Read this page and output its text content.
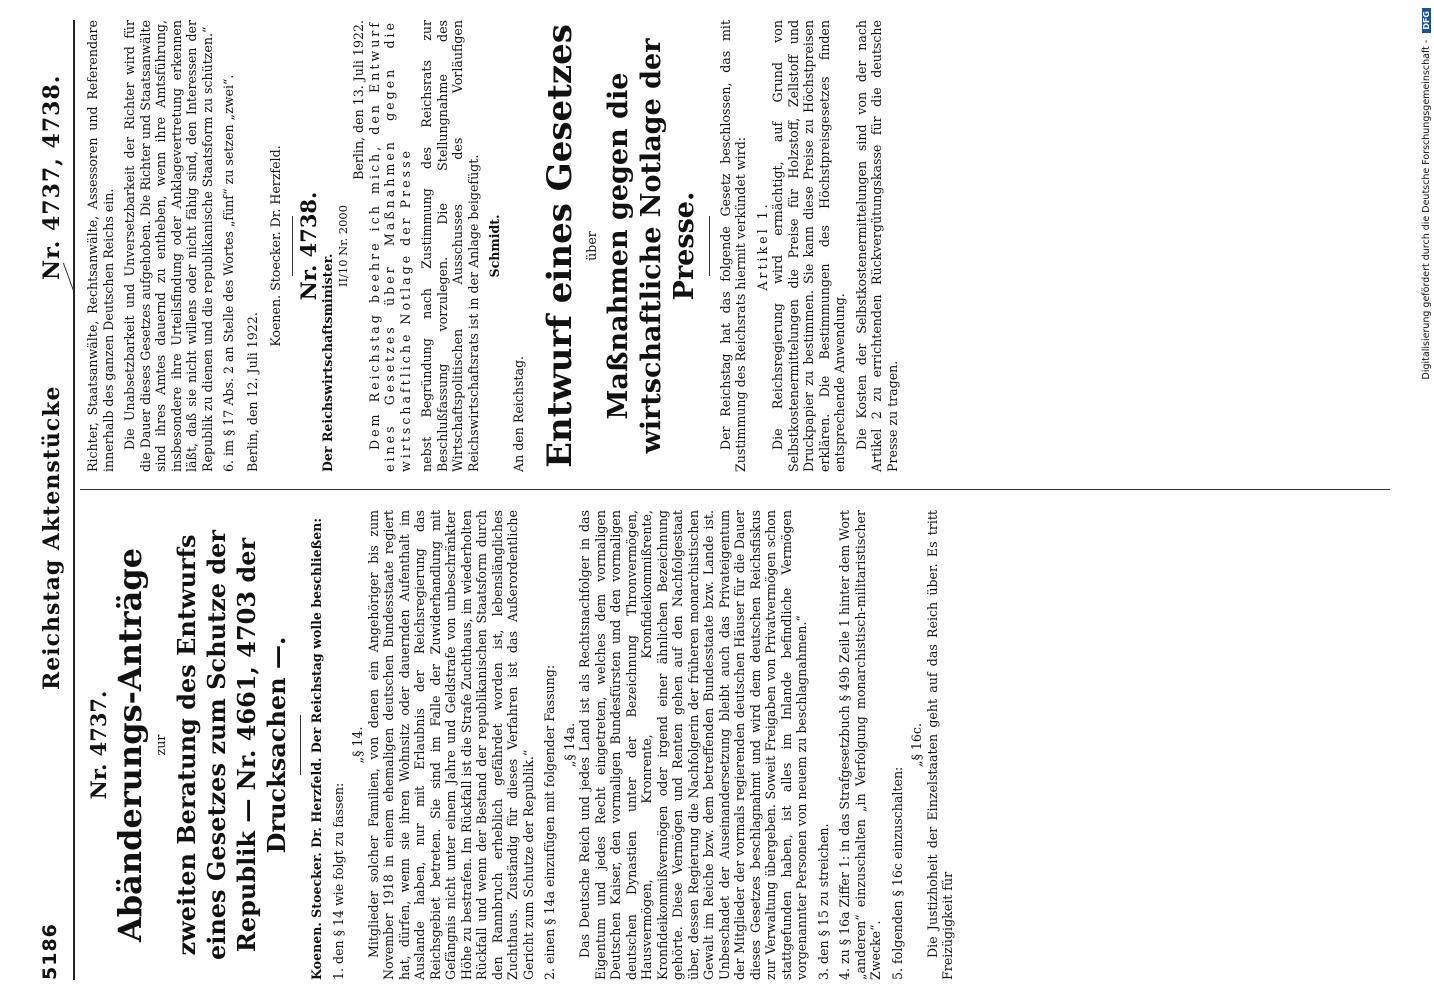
5186
Reichstag Aktenstücke
Nr. 4737, 4738.
Nr. 4737. Abänderungs-Anträge zur zweiten Beratung des Entwurfs eines Gesetzes zum Schutze der Republik — Nr. 4661, 4703 der Drucksachen —.

Koenen. Stoecker. Dr. Herzfeld. Der Reichstag wolle beschließen:

1. den § 14 wie folgt zu fassen:
„§ 14. Mitglieder solcher Familien, von denen ein Angehöriger bis zum November 1918 in einem ehemaligen deutschen Bundesstaate regiert hat, dürfen, wenn sie ihren Wohnsitz oder dauernden Aufenthalt im Auslande haben, nur mit Erlaubnis der Reichsregierung das Reichsgebiet betreten. Sie sind im Falle der Zuwiderhandlung mit Gefängnis nicht unter einem Jahre und Geldstrafe von unbeschränkter Höhe zu bestrafen. Im Rückfall ist die Strafe Zuchthaus, im wiederholten Rückfall und wenn der Bestand der republikanischen Staatsform durch den Rannbruch erheblich gefährdet worden ist, lebenslängliches Zuchthaus. Zuständig für dieses Verfahren ist das Außerordentliche Gericht zum Schutze der Republik.“ 2. einen § 14a einzufügen mit folgender Fassung: „§ 14a. Das Deutsche Reich und jedes Land ist als Rechtsnachfolger in das Eigentum und jedes Recht eingetreten, welches dem vormaligen Deutschen Kaiser, den vormaligen Bundesfürsten und den vormaligen deutschen Dynastien unter der Bezeichnung Thronvermögen, Hausvermögen, Kronrente, Kronfideikommißrente, Kronfideikommißvermögen oder irgend einer ähnlichen Bezeichnung gehörte. Diese Vermögen und Renten gehen auf den Nachfolgestaat über, dessen Regierung die Nachfolgerin der früheren monarchistischen Gewalt im Reiche bzw. dem betreffenden Bundesstaate bzw. Lande ist. Unbeschadet der Auseinandersetzung bleibt auch das Privateigentum der Mitglieder der vormals regierenden deutschen Häuser für die Dauer dieses Gesetzes beschlagnahmt und wird dem deutschen Reichsfiskus zur Verwaltung übergeben. Soweit Freigaben von Privatvermögen schon stattgefunden haben, ist alles im Inlande befindliche Vermögen vorgenannter Personen von neuem zu beschlagnahmen.“ 3. den § 15 zu streichen. 4. zu § 16a Ziffer 1: in das Strafgesetzbuch § 49b Zeile 1 hinter dem Wort „anderen“ einzuschalten „in Verfolgung monarchistisch-militaristischer Zwecke“. 5. folgenden § 16c einzuschalten:
„§ 16c. Die Justizhoheit der Einzelstaaten geht auf das Reich über. Es tritt Freizügigkeit für

Richter, Staatsanwälte, Rechtsanwälte, Assessoren und Referendare innerhalb des ganzen Deutschen Reichs ein. Die Unabsetzbarkeit und Unversetzbarkeit der Richter wird für die Dauer dieses Gesetzes aufgehoben. Die Richter und Staatsanwälte sind ihres Amtes dauernd zu entheben, wenn ihre Amtsführung, insbesondere ihre Urteilsfindung oder Anklagevertretung erkennen läßt, daß sie nicht willens oder nicht fähig sind, den Interessen der Republik zu dienen und die republikanische Staatsform zu schützen.“ 6. im § 17 Abs. 2 an Stelle des Wortes „fünf“ zu setzen „zwei“. Berlin, den 12. Juli 1922.
Koenen. Stoecker. Dr. Herzfeld. Nr. 4738.
Der Reichswirtschaftsminister.
II/10 Nr. 2000
Berlin, den 13. Juli 1922. Dem Reichstag beehre ich mich, den Entwurf eines Gesetzes über Maßnahmen gegen die wirtschaftliche Notlage der Presse nebst Begründung nach Zustimmung des Reichsrats zur Beschlußfassung vorzulegen. Die Stellungnahme des Wirtschaftspolitischen Ausschusses des Vorläufigen Reichswirtschaftsrats ist in der Anlage beigefügt. Schmidt.
An den Reichstag. Entwurf eines Gesetzes über Maßnahmen gegen die wirtschaftliche Notlage der Presse. Der Reichstag hat das folgende Gesetz beschlossen, das mit Zustimmung des Reichsrats hiermit verkündet wird: Artikel 1. Die Reichsregierung wird ermächtigt, auf Grund von Selbstkostenermittelungen die Preise für Holzstoff, Zellstoff und Druckpapier zu bestimmen. Sie kann diese Preise zu Höchstpreisen erklären. Die Bestimmungen des Höchstpreisgesetzes finden entsprechende Anwendung. Die Kosten der Selbstkostenermittelungen sind von der nach Artikel 2 zu errichtenden Rückvergütungskasse für die deutsche Presse zu tragen.

Digitalisierung gefördert durch die Deutsche Forschungsgemeinschaft - DFG
